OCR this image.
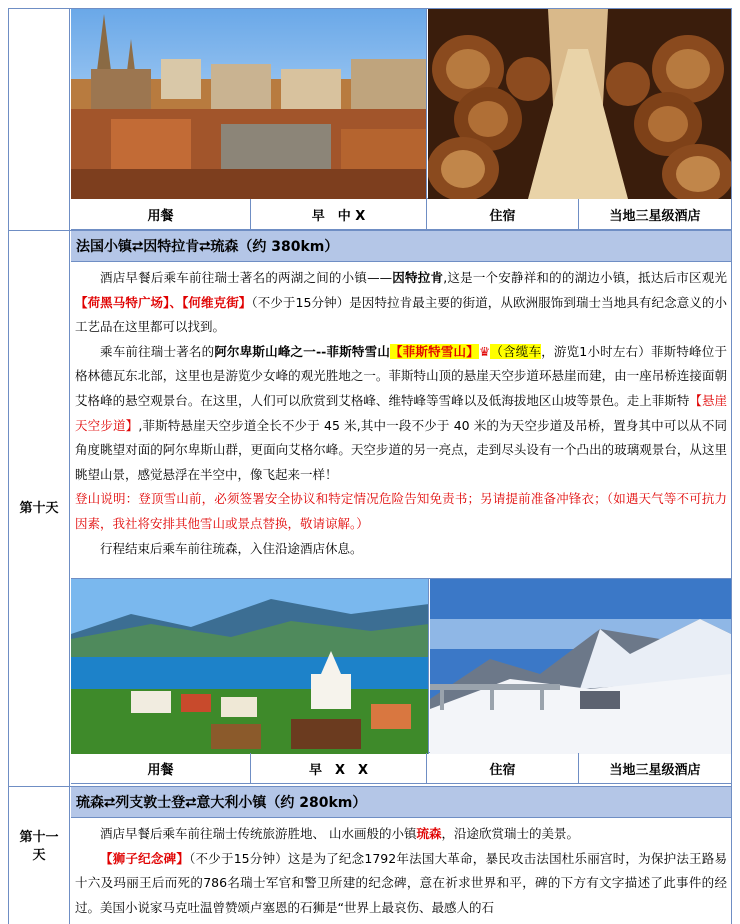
用餐	早　中 X	住宿	当地三星级酒店
第十天
法国小镇⮂因特拉肯⮂琉森（约 380km）

酒店早餐后乘车前往瑞士著名的两湖之间的小镇——因特拉肯,这是一个安静祥和的的湖边小镇，抵达后市区观光【荷黑马特广场】、【何维克街】（不少于15分钟）是因特拉肯最主要的街道，从欧洲服饰到瑞士当地具有纪念意义的小工艺品在这里都可以找到。

乘车前往瑞士著名的阿尔卑斯山峰之一--菲斯特雪山【菲斯特雪山】♛（含缆车，游览1小时左右）菲斯特峰位于格林德瓦东北部，这里也是游览少女峰的观光胜地之一。菲斯特山顶的悬崖天空步道环悬崖而建，由一座吊桥连接面朝艾格峰的悬空观景台。在这里，人们可以欣赏到艾格峰、维特峰等雪峰以及低海拔地区山坡等景色。走上菲斯特【悬崖天空步道】,菲斯特悬崖天空步道全长不少于 45 米,其中一段不少于 40 米的为天空步道及吊桥，置身其中可以从不同角度眺望对面的阿尔卑斯山群，更面向艾格尔峰。天空步道的另一亮点，走到尽头设有一个凸出的玻璃观景台，从这里眺望山景，感觉悬浮在半空中，像飞起来一样！

登山说明：登顶雪山前，必须签署安全协议和特定情况危险告知免责书；另请提前准备冲锋衣；（如遇天气等不可抗力因素，我社将安排其他雪山或景点替换，敬请谅解。）

行程结束后乘车前往琉森，入住沿途酒店休息。

用餐	早　X　X	住宿	当地三星级酒店
第十一
天
琉森⮂列支敦士登⮂意大利小镇（约 280km）

酒店早餐后乘车前往瑞士传统旅游胜地、 山水画般的小镇琉森，沿途欣赏瑞士的美景。

【狮子纪念碑】（不少于15分钟）这是为了纪念1792年法国大革命，暴民攻击法国杜乐丽宫时，为保护法王路易十六及玛丽王后而死的786名瑞士军官和警卫所建的纪念碑，意在祈求世界和平，碑的下方有文字描述了此事件的经过。美国小说家马克吐温曾赞颂卢塞恩的石狮是“世界上最哀伤、最感人的石
